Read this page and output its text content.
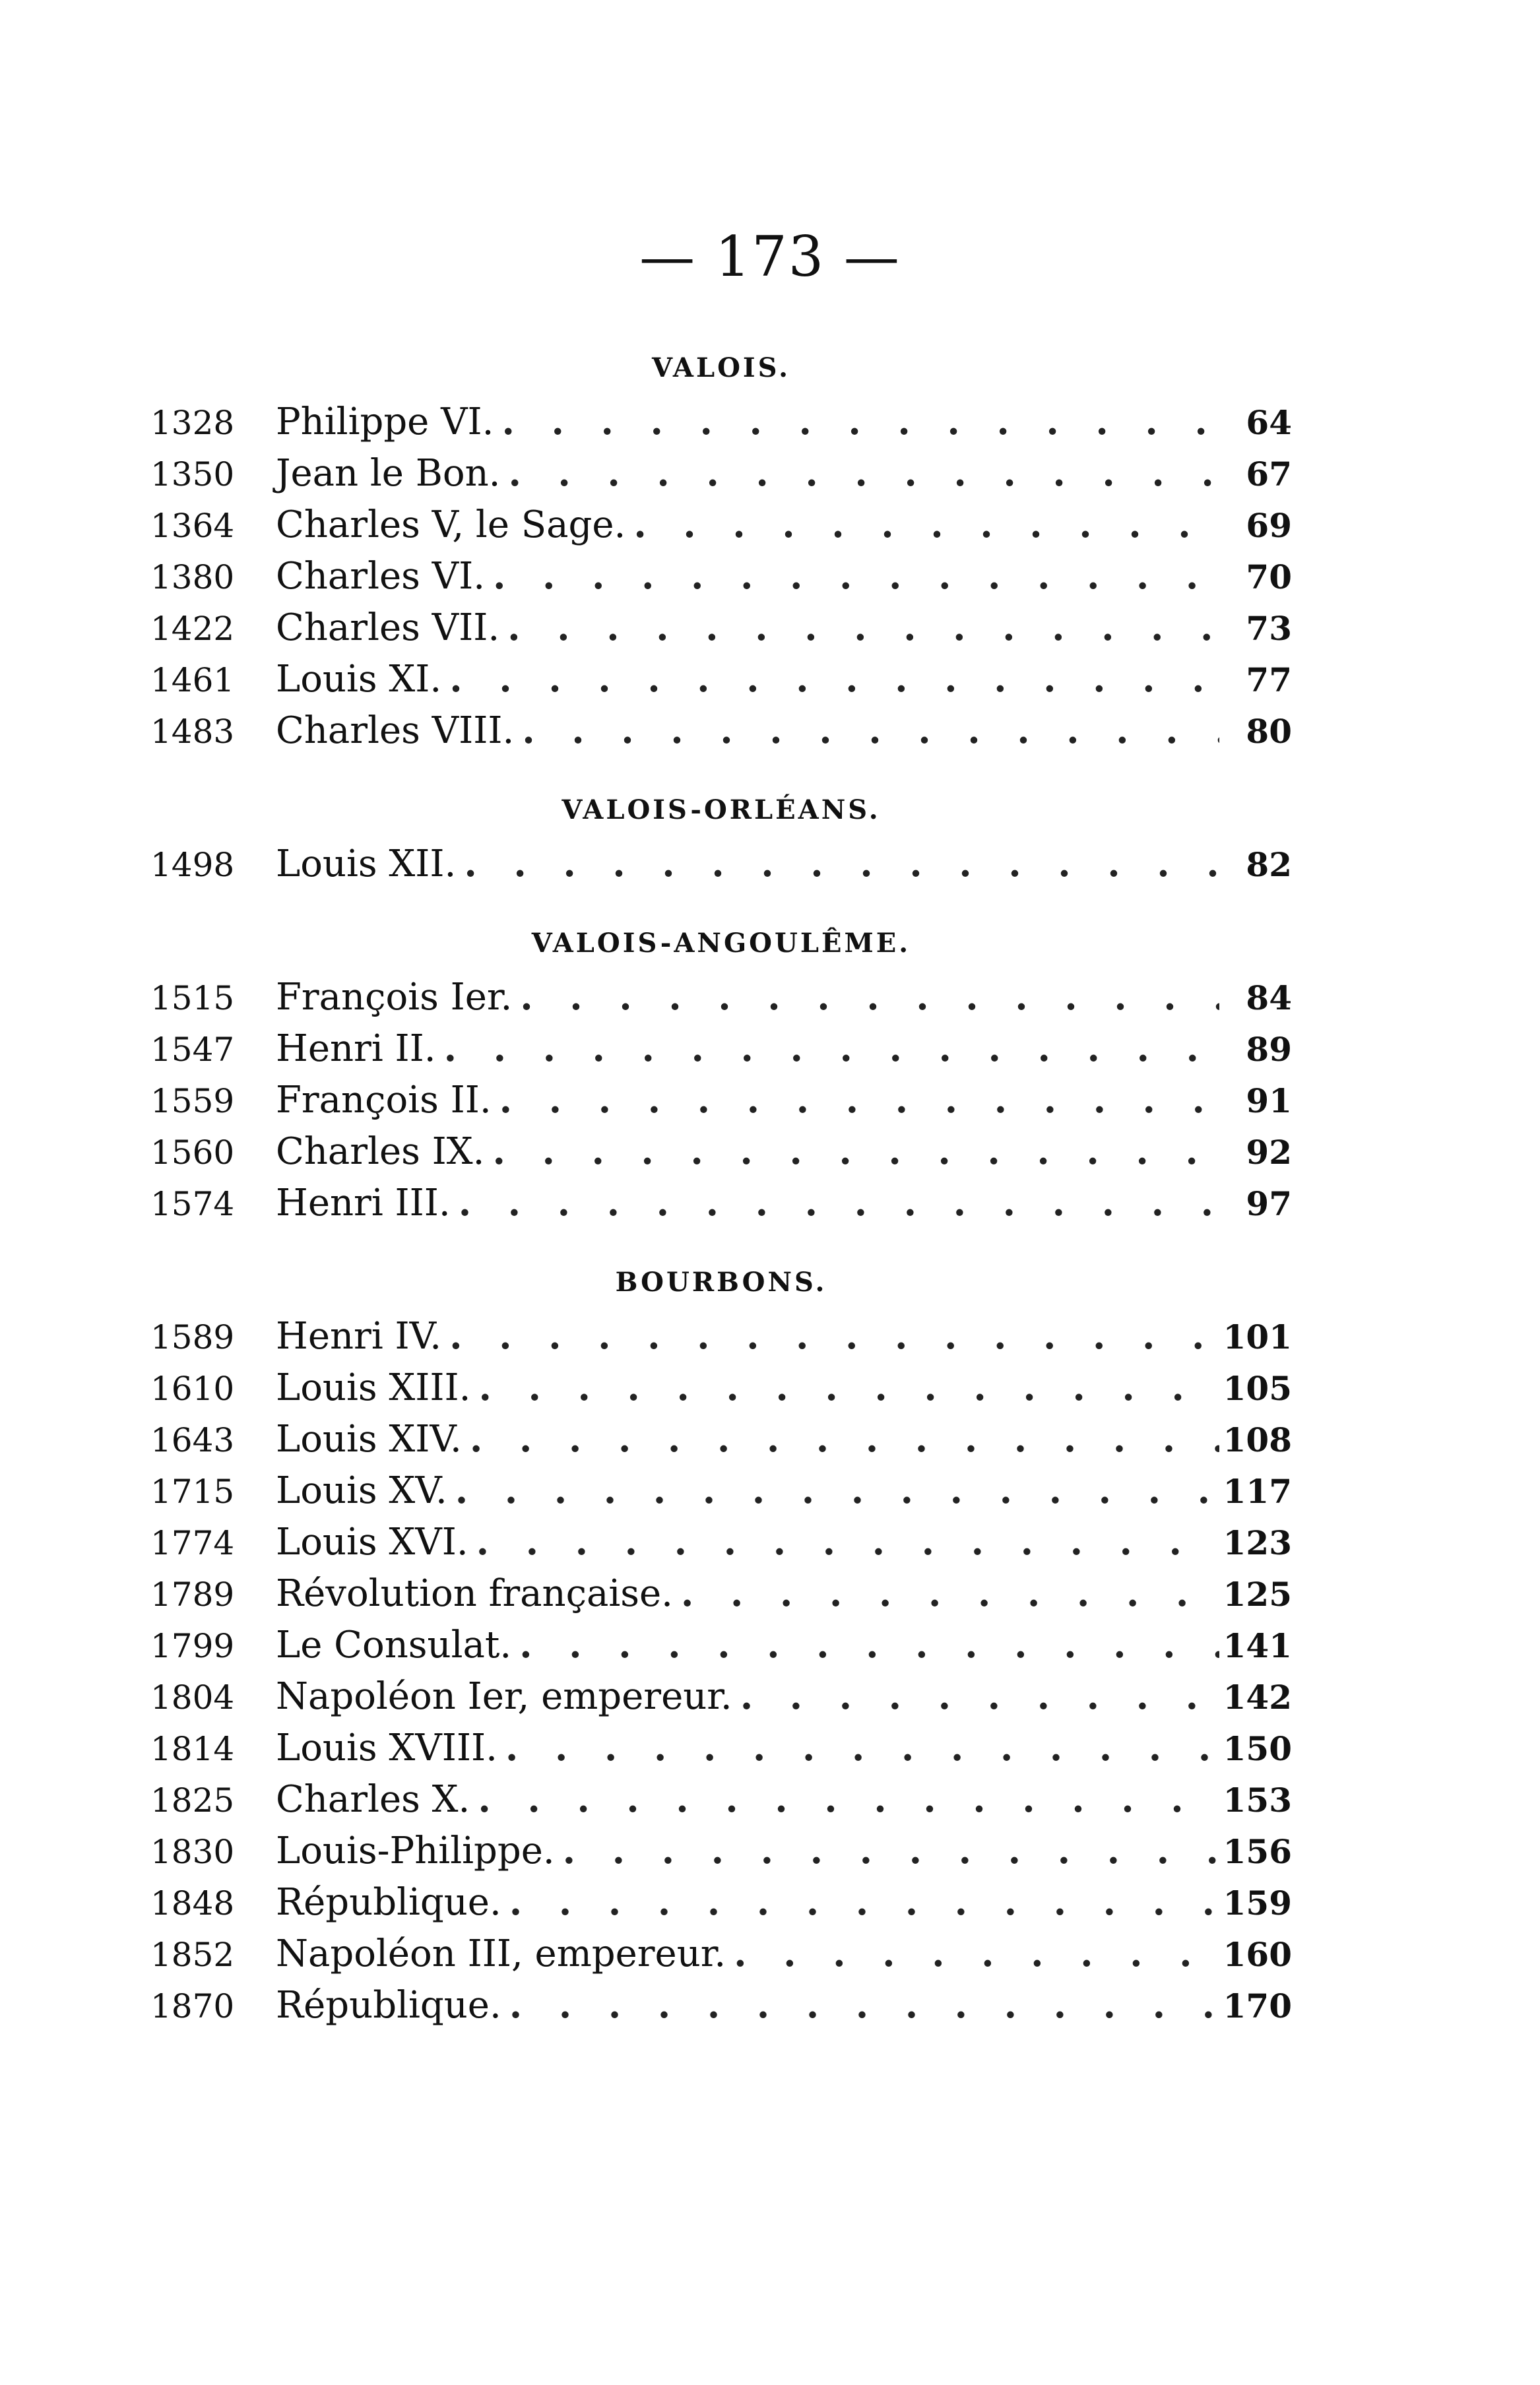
— 173 —
VALOIS.
1328	Philippe VI. . . .	64
1350	Jean le Bon. . . .	67
1364	Charles V, le Sage. . . .	69
1380	Charles VI. . . .	70
1422	Charles VII. . . .	73
1461	Louis XI. . . .	77
1483	Charles VIII. . . .	80
VALOIS-ORLÉANS.
1498	Louis XII. . . .	82
VALOIS-ANGOULÊME.
1515	François Ier. . . .	84
1547	Henri II. . . .	89
1559	François II. . . .	91
1560	Charles IX. . . .	92
1574	Henri III. . . .	97
BOURBONS.
1589	Henri IV. . . .	101
1610	Louis XIII. . . .	105
1643	Louis XIV. . . .	108
1715	Louis XV. . . .	117
1774	Louis XVI. . . .	123
1789	Révolution française. . . .	125
1799	Le Consulat. . . .	141
1804	Napoléon Ier, empereur. . . .	142
1814	Louis XVIII. . . .	150
1825	Charles X. . . .	153
1830	Louis-Philippe. . . .	156
1848	République. . . .	159
1852	Napoléon III, empereur. . . .	160
1870	République. . . .	170
